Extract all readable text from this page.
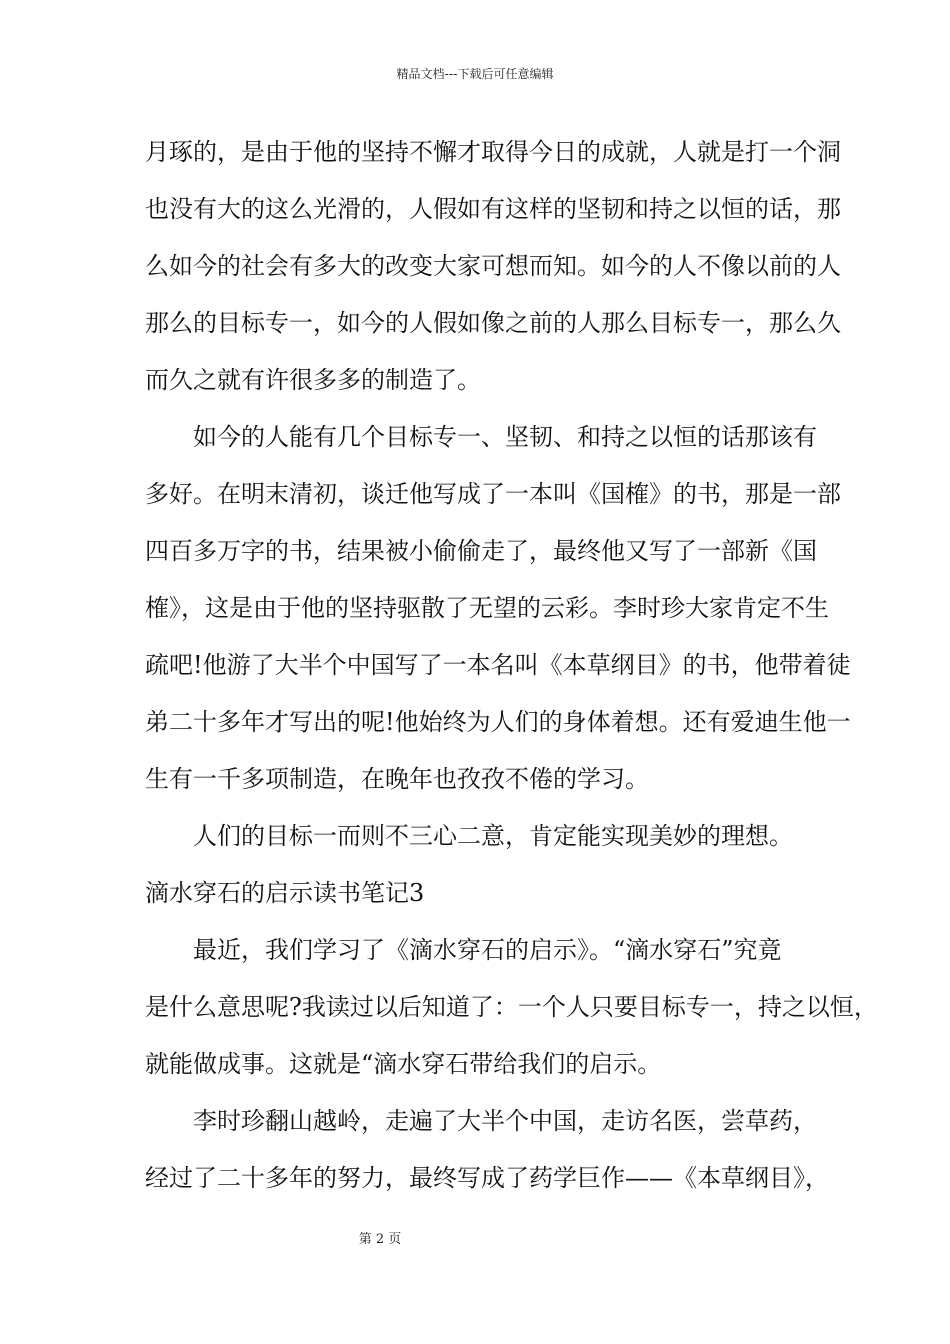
精品文档---下载后可任意编辑
月琢的，是由于他的坚持不懈才取得今日的成就，人就是打一个洞
也没有大的这么光滑的，人假如有这样的坚韧和持之以恒的话，那
么如今的社会有多大的改变大家可想而知。如今的人不像以前的人
那么的目标专一，如今的人假如像之前的人那么目标专一，那么久
而久之就有许很多多的制造了。
　　如今的人能有几个目标专一、坚韧、和持之以恒的话那该有
多好。在明末清初，谈迁他写成了一本叫《国榷》的书，那是一部
四百多万字的书，结果被小偷偷走了，最终他又写了一部新《国
榷》，这是由于他的坚持驱散了无望的云彩。李时珍大家肯定不生
疏吧!他游了大半个中国写了一本名叫《本草纲目》的书，他带着徒
弟二十多年才写出的呢!他始终为人们的身体着想。还有爱迪生他一
生有一千多项制造，在晚年也孜孜不倦的学习。
　　人们的目标一而则不三心二意，肯定能实现美妙的理想。
滴水穿石的启示读书笔记3
　　最近，我们学习了《滴水穿石的启示》。“滴水穿石”究竟
是什么意思呢?我读过以后知道了：一个人只要目标专一，持之以恒，
就能做成事。这就是“滴水穿石带给我们的启示。
　　李时珍翻山越岭，走遍了大半个中国，走访名医，尝草药，
经过了二十多年的努力，最终写成了药学巨作——《本草纲目》，
第 2 页
